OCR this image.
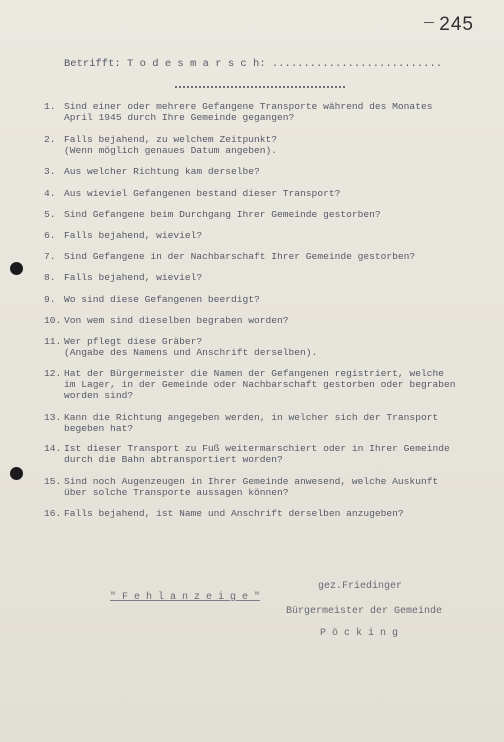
245
Betrifft: T o d e s m a r s c h: ...........................
1. Sind einer oder mehrere Gefangene Transporte während des Monates
April 1945 durch Ihre Gemeinde gegangen?
2. Falls bejahend, zu welchem Zeitpunkt?
(Wenn möglich genaues Datum angeben).
3. Aus welcher Richtung kam derselbe?
4. Aus wieviel Gefangenen bestand dieser Transport?
5. Sind Gefangene beim Durchgang Ihrer Gemeinde gestorben?
6. Falls bejahend, wieviel?
7. Sind Gefangene in der Nachbarschaft Ihrer Gemeinde gestorben?
8. Falls bejahend, wieviel?
9. Wo sind diese Gefangenen beerdigt?
10. Von wem sind dieselben begraben worden?
11. Wer pflegt diese Gräber?
(Angabe des Namens und Anschrift derselben).
12. Hat der Bürgermeister die Namen der Gefangenen registriert, welche
im Lager, in der Gemeinde oder Nachbarschaft gestorben oder begraben
worden sind?
13. Kann die Richtung angegeben werden, in welcher sich der Transport
begeben hat?
14. Ist dieser Transport zu Fuß weitermarschiert oder in Ihrer Gemeinde
durch die Bahn abtransportiert worden?
15. Sind noch Augenzeugen in Ihrer Gemeinde anwesend, welche Auskunft
über solche Transporte aussagen können?
16. Falls bejahend, ist Name und Anschrift derselben anzugeben?

" F e h l a n z e i g e "

gez.Friedinger
Bürgermeister der Gemeinde
P ö c k i n g
